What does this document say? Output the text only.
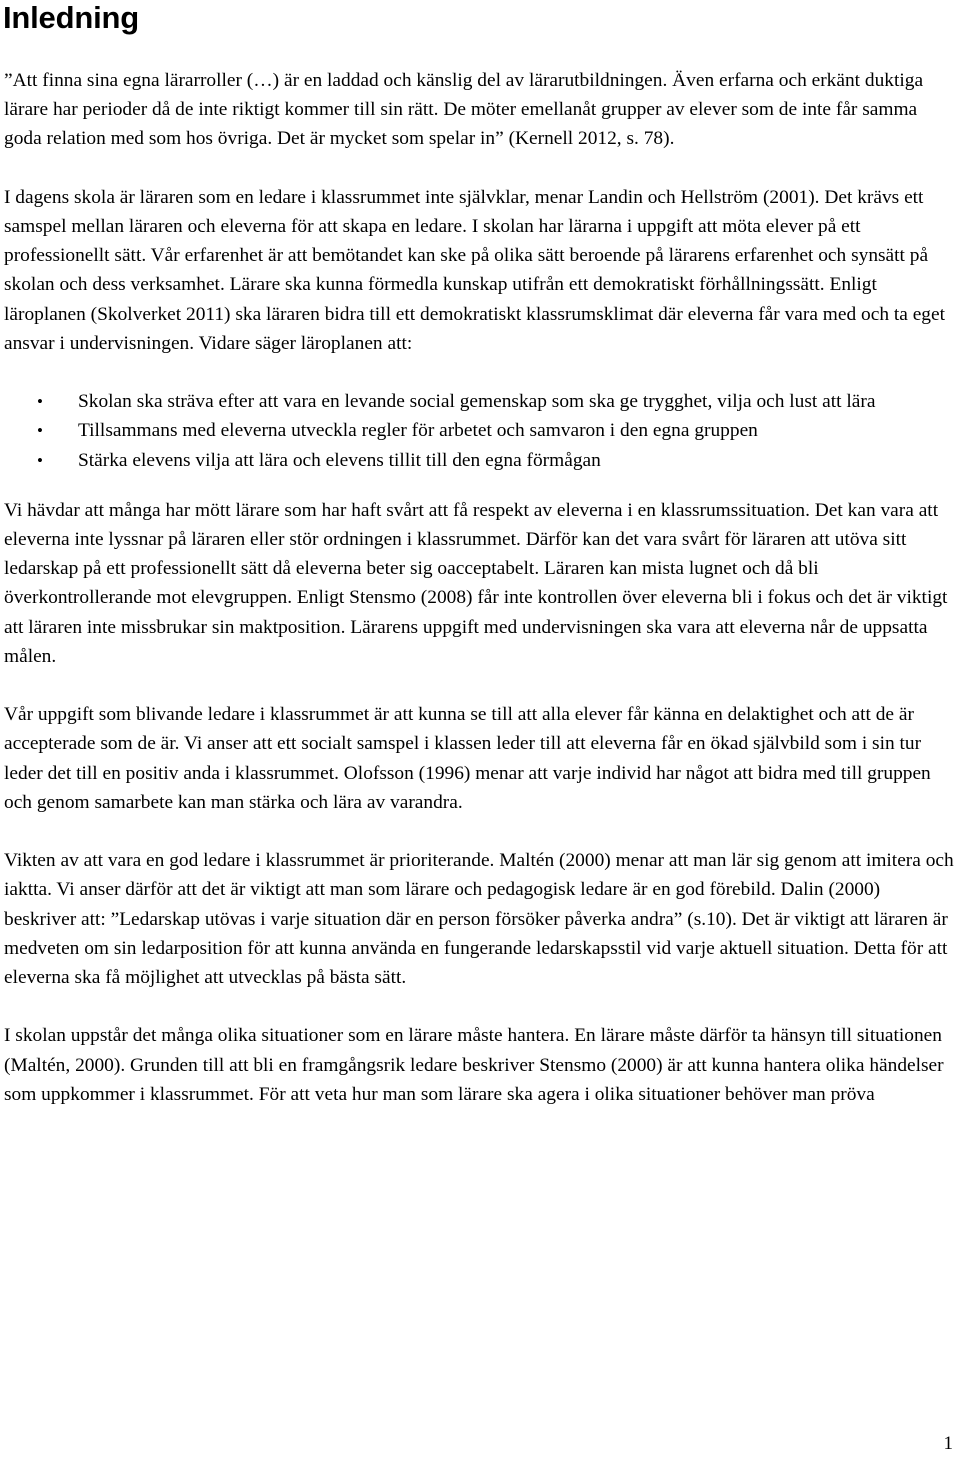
Inledning

”Att finna sina egna lärarroller (…) är en laddad och känslig del av lärarutbildningen. Även erfarna och erkänt duktiga lärare har perioder då de inte riktigt kommer till sin rätt. De möter emellanåt grupper av elever som de inte får samma goda relation med som hos övriga. Det är mycket som spelar in” (Kernell 2012, s. 78).

I dagens skola är läraren som en ledare i klassrummet inte självklar, menar Landin och Hellström (2001). Det krävs ett samspel mellan läraren och eleverna för att skapa en ledare. I skolan har lärarna i uppgift att möta elever på ett professionellt sätt. Vår erfarenhet är att bemötandet kan ske på olika sätt beroende på lärarens erfarenhet och synsätt på skolan och dess verksamhet. Lärare ska kunna förmedla kunskap utifrån ett demokratiskt förhållningssätt. Enligt läroplanen (Skolverket 2011) ska läraren bidra till ett demokratiskt klassrumsklimat där eleverna får vara med och ta eget ansvar i undervisningen. Vidare säger läroplanen att:

• Skolan ska sträva efter att vara en levande social gemenskap som ska ge trygghet, vilja och lust att lära
• Tillsammans med eleverna utveckla regler för arbetet och samvaron i den egna gruppen
• Stärka elevens vilja att lära och elevens tillit till den egna förmågan

Vi hävdar att många har mött lärare som har haft svårt att få respekt av eleverna i en klassrumssituation. Det kan vara att eleverna inte lyssnar på läraren eller stör ordningen i klassrummet. Därför kan det vara svårt för läraren att utöva sitt ledarskap på ett professionellt sätt då eleverna beter sig oacceptabelt. Läraren kan mista lugnet och då bli överkontrollerande mot elevgruppen. Enligt Stensmo (2008) får inte kontrollen över eleverna bli i fokus och det är viktigt att läraren inte missbrukar sin maktposition. Lärarens uppgift med undervisningen ska vara att eleverna når de uppsatta målen.

Vår uppgift som blivande ledare i klassrummet är att kunna se till att alla elever får känna en delaktighet och att de är accepterade som de är. Vi anser att ett socialt samspel i klassen leder till att eleverna får en ökad självbild som i sin tur leder det till en positiv anda i klassrummet. Olofsson (1996) menar att varje individ har något att bidra med till gruppen och genom samarbete kan man stärka och lära av varandra.

Vikten av att vara en god ledare i klassrummet är prioriterande. Maltén (2000) menar att man lär sig genom att imitera och iaktta. Vi anser därför att det är viktigt att man som lärare och pedagogisk ledare är en god förebild. Dalin (2000) beskriver att: ”Ledarskap utövas i varje situation där en person försöker påverka andra” (s.10). Det är viktigt att läraren är medveten om sin ledarposition för att kunna använda en fungerande ledarskapsstil vid varje aktuell situation. Detta för att eleverna ska få möjlighet att utvecklas på bästa sätt.

I skolan uppstår det många olika situationer som en lärare måste hantera. En lärare måste därför ta hänsyn till situationen (Maltén, 2000). Grunden till att bli en framgångsrik ledare beskriver Stensmo (2000) är att kunna hantera olika händelser som uppkommer i klassrummet. För att veta hur man som lärare ska agera i olika situationer behöver man pröva

1
